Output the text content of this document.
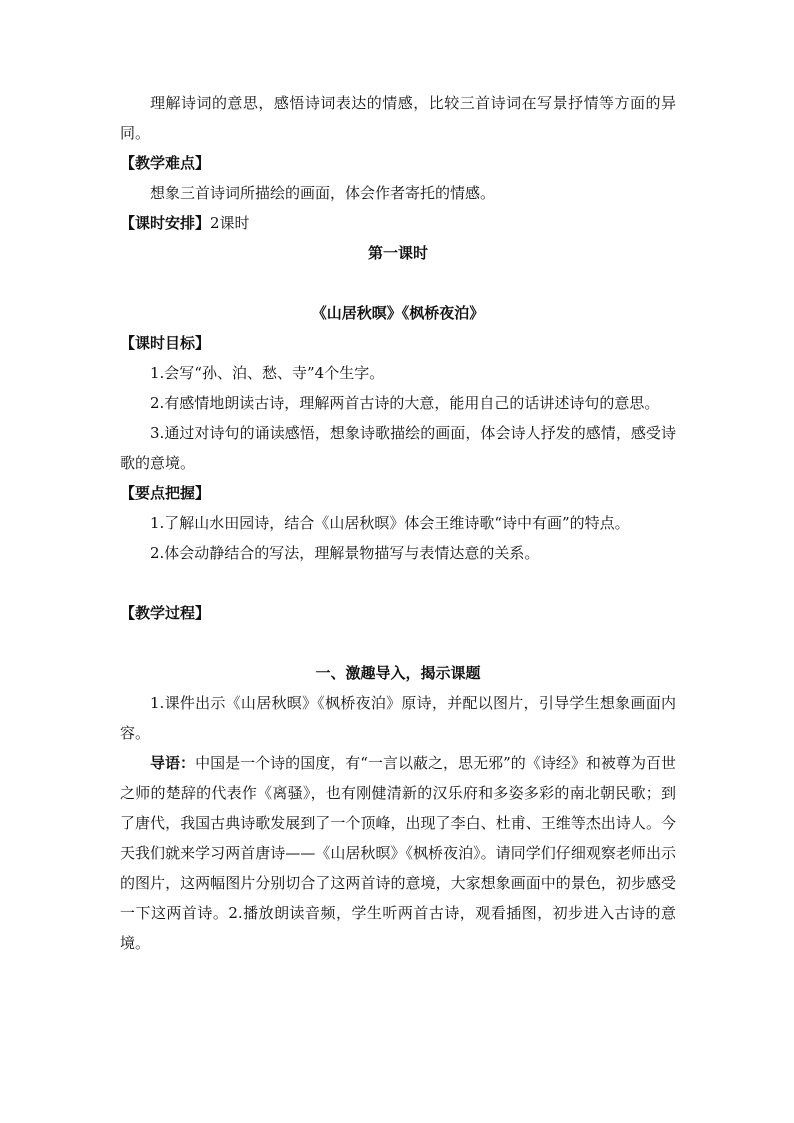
理解诗词的意思，感悟诗词表达的情感，比较三首诗词在写景抒情等方面的异同。

【教学难点】

想象三首诗词所描绘的画面，体会作者寄托的情感。

【课时安排】2课时

第一课时

《山居秋暝》《枫桥夜泊》

【课时目标】

1.会写“孙、泊、愁、寺”4个生字。

2.有感情地朗读古诗，理解两首古诗的大意，能用自己的话讲述诗句的意思。

3.通过对诗句的诵读感悟，想象诗歌描绘的画面，体会诗人抒发的感情，感受诗歌的意境。

【要点把握】

1.了解山水田园诗，结合《山居秋暝》体会王维诗歌“诗中有画”的特点。

2.体会动静结合的写法，理解景物描写与表情达意的关系。

【教学过程】

一、激趣导入，揭示课题

1.课件出示《山居秋暝》《枫桥夜泊》原诗，并配以图片，引导学生想象画面内容。

导语：中国是一个诗的国度，有“一言以蔽之，思无邪”的《诗经》和被尊为百世之师的楚辞的代表作《离骚》，也有刚健清新的汉乐府和多姿多彩的南北朝民歌；到了唐代，我国古典诗歌发展到了一个顶峰，出现了李白、杜甫、王维等杰出诗人。今天我们就来学习两首唐诗——《山居秋暝》《枫桥夜泊》。请同学们仔细观察老师出示的图片，这两幅图片分别切合了这两首诗的意境，大家想象画面中的景色，初步感受一下这两首诗。2.播放朗读音频，学生听两首古诗，观看插图，初步进入古诗的意境。
